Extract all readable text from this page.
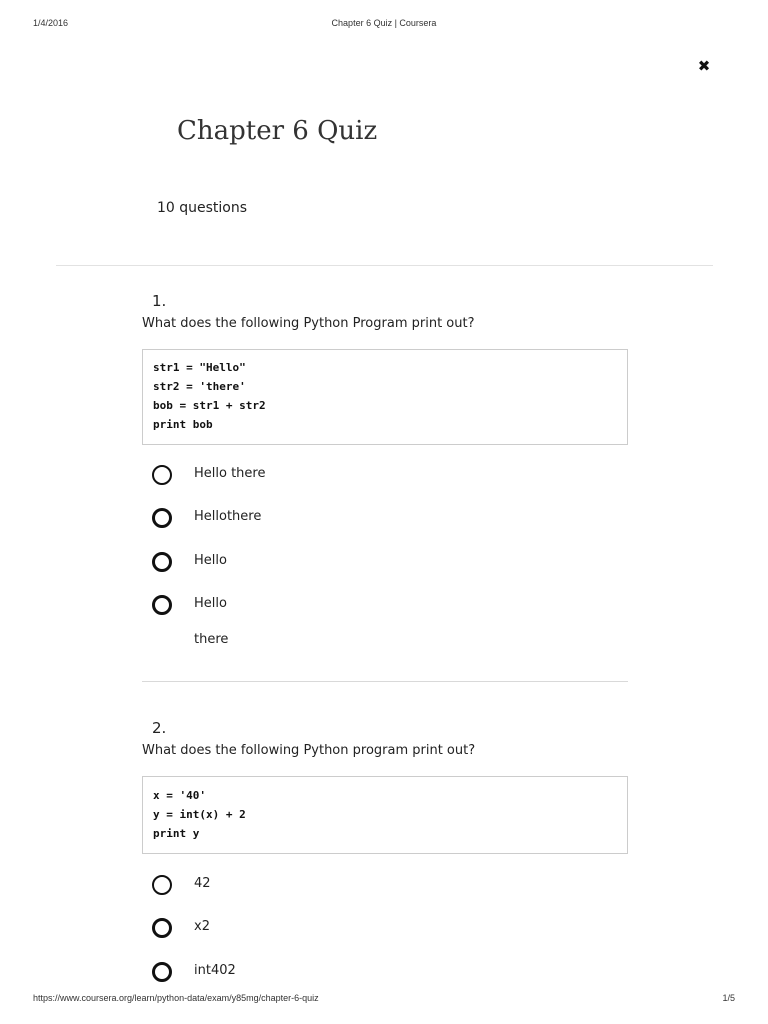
1/4/2016	Chapter 6 Quiz | Coursera
✖
Chapter 6 Quiz
10 questions
1.
What does the following Python Program print out?
str1 = "Hello"
str2 = 'there'
bob = str1 + str2
print bob
Hello there
Hellothere
Hello
Hello
there
2.
What does the following Python program print out?
x = '40'
y = int(x) + 2
print y
42
x2
int402
https://www.coursera.org/learn/python-data/exam/y85mg/chapter-6-quiz	1/5
